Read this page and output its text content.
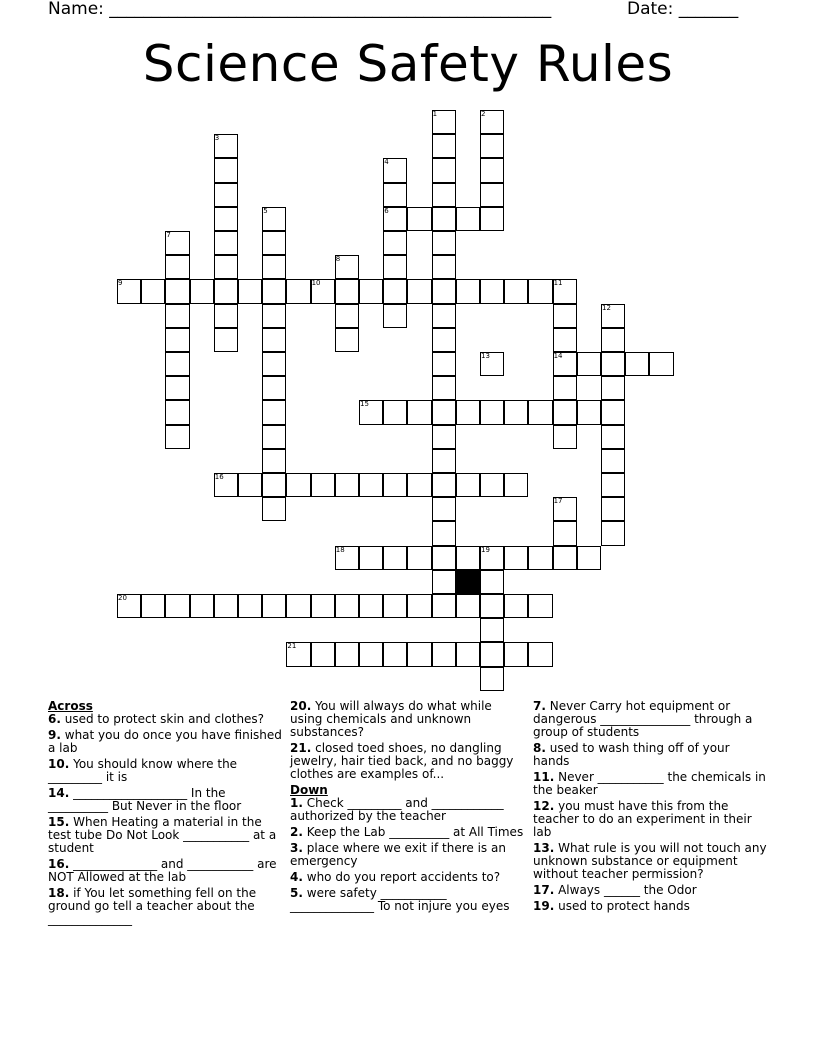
Name: ____________________________________________________	Date: _______
Science Safety Rules
1	2
3
4
5	6
7
8
9	10	11
12
13	14
15
16
17
18	19
20
21
Across
6. used to protect skin and clothes?
9. what you do once you have finished a lab
10. You should know where the _________ it is
14. ___________________ In the __________ But Never in the floor
15. When Heating a material in the test tube Do Not Look ___________ at a student
16. ______________ and ___________ are NOT Allowed at the lab
18. if You let something fell on the ground go tell a teacher about the ______________
20. You will always do what while using chemicals and unknown substances?
21. closed toed shoes, no dangling jewelry, hair tied back, and no baggy clothes are examples of...
Down
1. Check _________ and ____________ authorized by the teacher
2. Keep the Lab __________ at All Times
3. place where we exit if there is an emergency
4. who do you report accidents to?
5. were safety ___________ ______________ To not injure you eyes
7. Never Carry hot equipment or dangerous _______________ through a group of students
8. used to wash thing off of your hands
11. Never ___________ the chemicals in the beaker
12. you must have this from the teacher to do an experiment in their lab
13. What rule is you will not touch any unknown substance or equipment without teacher permission?
17. Always ______ the Odor
19. used to protect hands
